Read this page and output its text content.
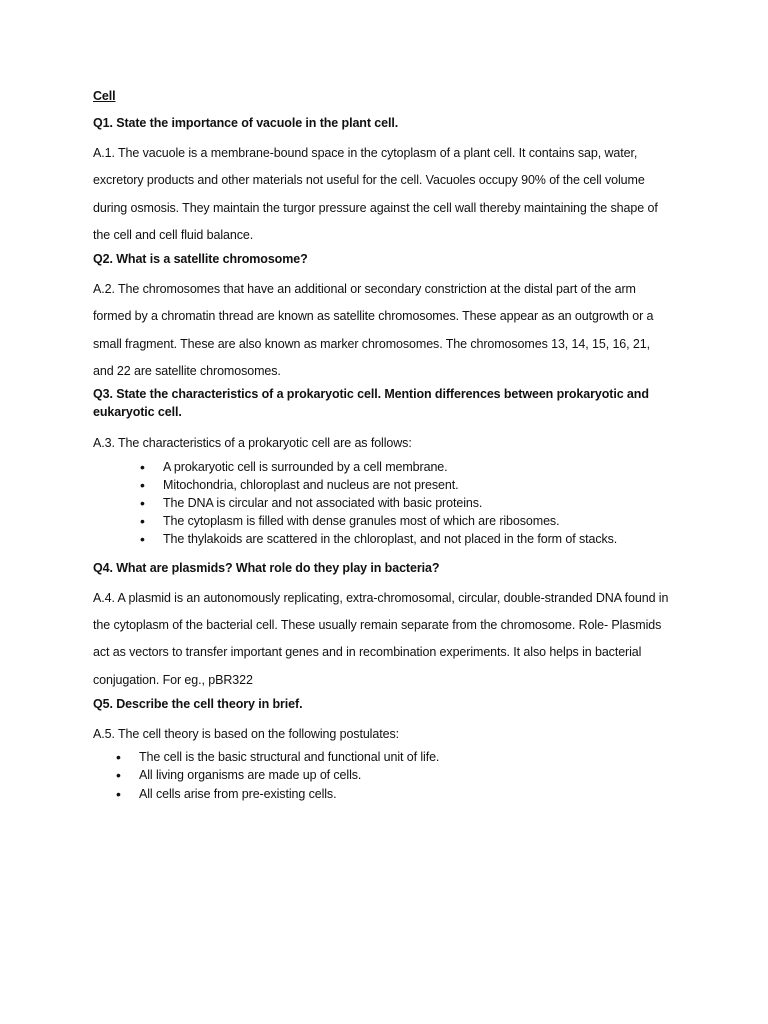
Cell

Q1. State the importance of vacuole in the plant cell.

A.1. The vacuole is a membrane-bound space in the cytoplasm of a plant cell. It contains sap, water, excretory products and other materials not useful for the cell. Vacuoles occupy 90% of the cell volume during osmosis. They maintain the turgor pressure against the cell wall thereby maintaining the shape of the cell and cell fluid balance.

Q2. What is a satellite chromosome?

A.2. The chromosomes that have an additional or secondary constriction at the distal part of the arm formed by a chromatin thread are known as satellite chromosomes. These appear as an outgrowth or a small fragment. These are also known as marker chromosomes. The chromosomes 13, 14, 15, 16, 21, and 22 are satellite chromosomes.

Q3. State the characteristics of a prokaryotic cell. Mention differences between prokaryotic and eukaryotic cell.

A.3. The characteristics of a prokaryotic cell are as follows:

• A prokaryotic cell is surrounded by a cell membrane.
• Mitochondria, chloroplast and nucleus are not present.
• The DNA is circular and not associated with basic proteins.
• The cytoplasm is filled with dense granules most of which are ribosomes.
• The thylakoids are scattered in the chloroplast, and not placed in the form of stacks.

Q4. What are plasmids? What role do they play in bacteria?

A.4. A plasmid is an autonomously replicating, extra-chromosomal, circular, double-stranded DNA found in the cytoplasm of the bacterial cell. These usually remain separate from the chromosome. Role- Plasmids act as vectors to transfer important genes and in recombination experiments. It also helps in bacterial conjugation. For eg., pBR322

Q5. Describe the cell theory in brief.

A.5. The cell theory is based on the following postulates:

• The cell is the basic structural and functional unit of life.
• All living organisms are made up of cells.
• All cells arise from pre-existing cells.
